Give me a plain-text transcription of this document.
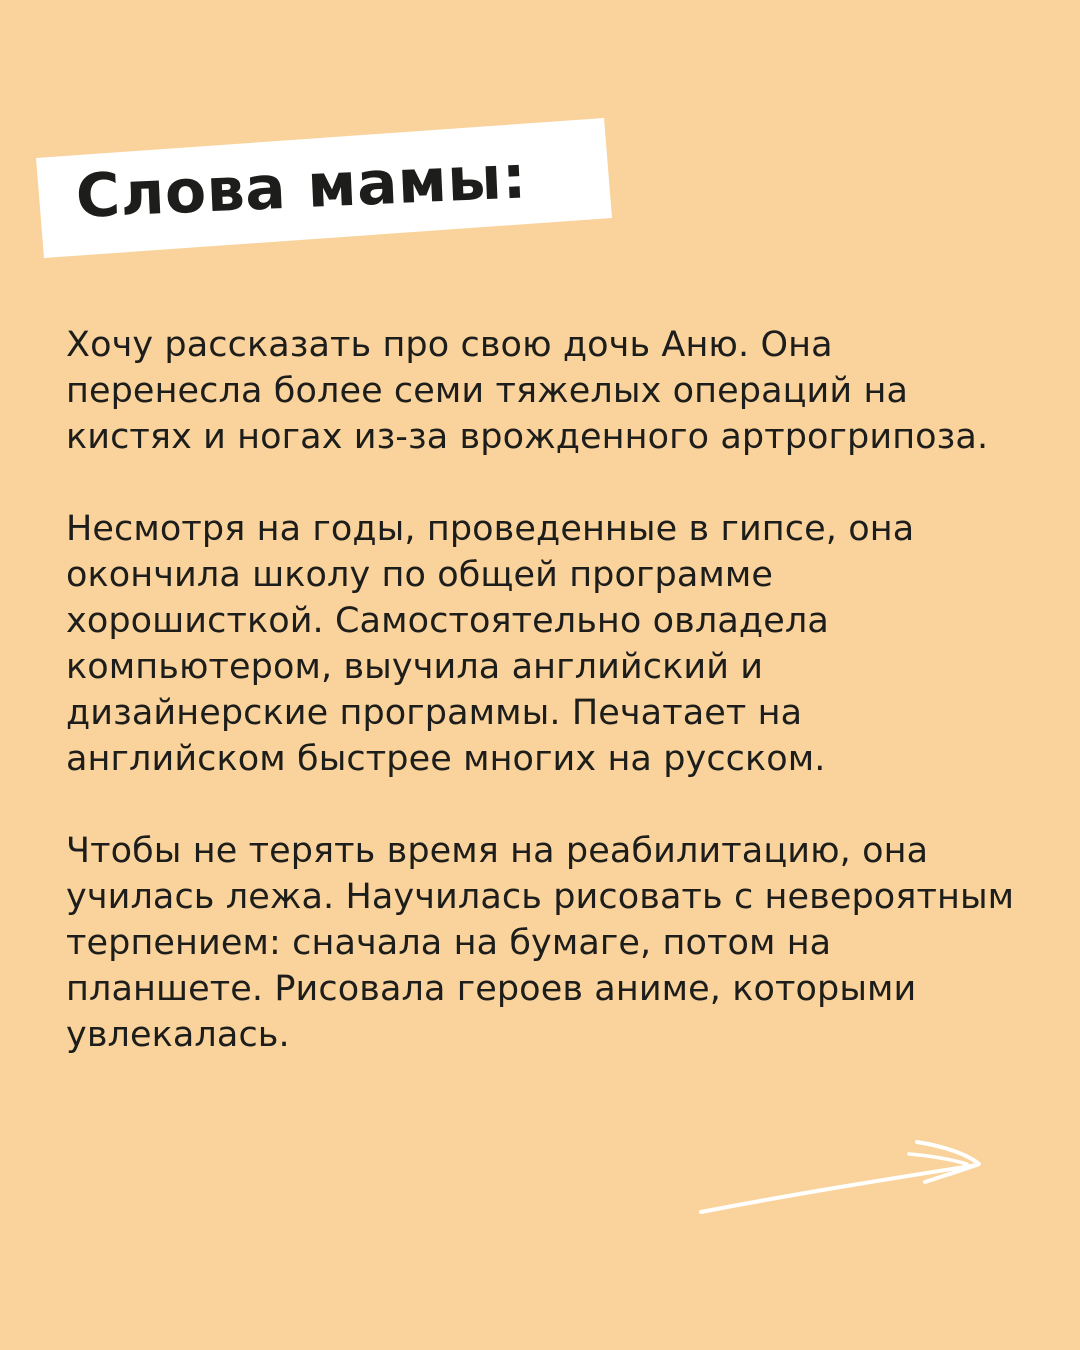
Слова мамы:

Хочу рассказать про свою дочь Аню. Она перенесла более семи тяжелых операций на кистях и ногах из-за врожденного артрогрипоза.

Несмотря на годы, проведенные в гипсе, она окончила школу по общей программе хорошисткой. Самостоятельно овладела компьютером, выучила английский и дизайнерские программы. Печатает на английском быстрее многих на русском.

Чтобы не терять время на реабилитацию, она училась лежа. Научилась рисовать с невероятным терпением: сначала на бумаге, потом на планшете. Рисовала героев аниме, которыми увлекалась.
